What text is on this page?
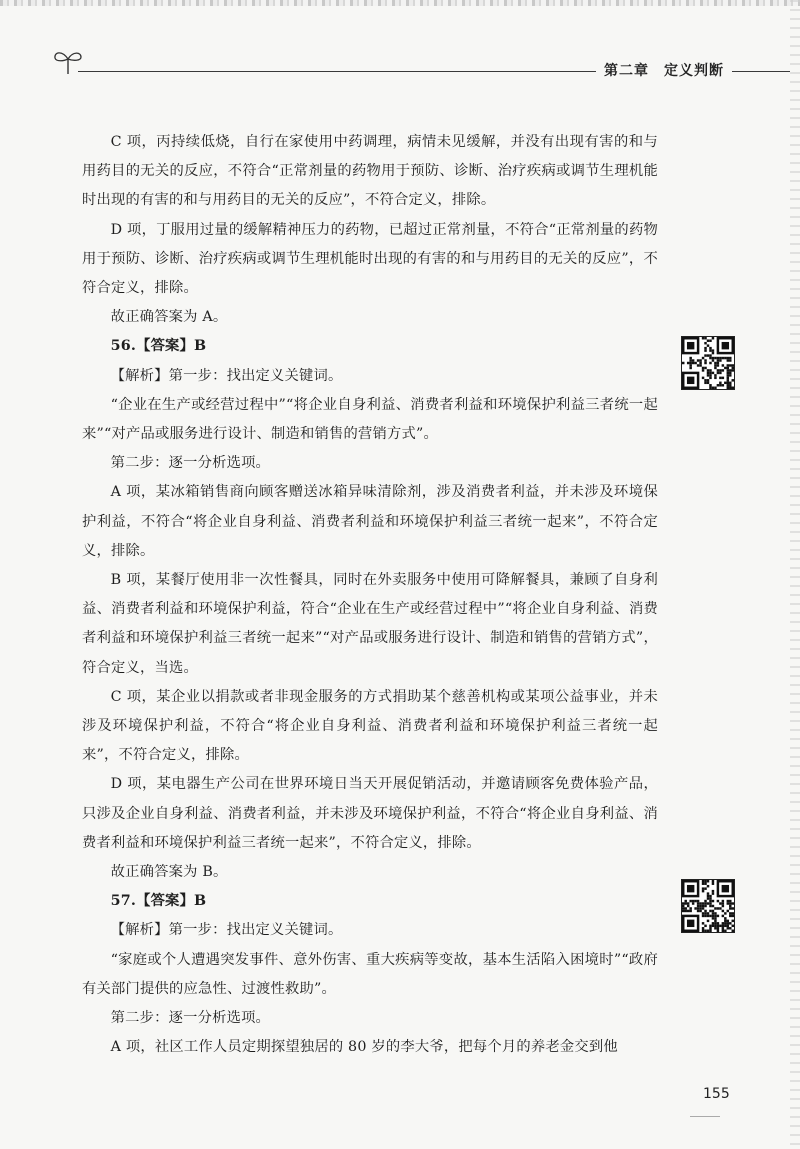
第二章　定义判断

C 项，丙持续低烧，自行在家使用中药调理，病情未见缓解，并没有出现有害的和与用药目的无关的反应，不符合“正常剂量的药物用于预防、诊断、治疗疾病或调节生理机能时出现的有害的和与用药目的无关的反应”，不符合定义，排除。

D 项，丁服用过量的缓解精神压力的药物，已超过正常剂量，不符合“正常剂量的药物用于预防、诊断、治疗疾病或调节生理机能时出现的有害的和与用药目的无关的反应”，不符合定义，排除。

故正确答案为 A。

56.【答案】B

【解析】第一步：找出定义关键词。

“企业在生产或经营过程中”“将企业自身利益、消费者利益和环境保护利益三者统一起来”“对产品或服务进行设计、制造和销售的营销方式”。

第二步：逐一分析选项。

A 项，某冰箱销售商向顾客赠送冰箱异味清除剂，涉及消费者利益，并未涉及环境保护利益，不符合“将企业自身利益、消费者利益和环境保护利益三者统一起来”，不符合定义，排除。

B 项，某餐厅使用非一次性餐具，同时在外卖服务中使用可降解餐具，兼顾了自身利益、消费者利益和环境保护利益，符合“企业在生产或经营过程中”“将企业自身利益、消费者利益和环境保护利益三者统一起来”“对产品或服务进行设计、制造和销售的营销方式”，符合定义，当选。

C 项，某企业以捐款或者非现金服务的方式捐助某个慈善机构或某项公益事业，并未涉及环境保护利益，不符合“将企业自身利益、消费者利益和环境保护利益三者统一起来”，不符合定义，排除。

D 项，某电器生产公司在世界环境日当天开展促销活动，并邀请顾客免费体验产品，只涉及企业自身利益、消费者利益，并未涉及环境保护利益，不符合“将企业自身利益、消费者利益和环境保护利益三者统一起来”，不符合定义，排除。

故正确答案为 B。

57.【答案】B

【解析】第一步：找出定义关键词。

“家庭或个人遭遇突发事件、意外伤害、重大疾病等变故，基本生活陷入困境时”“政府有关部门提供的应急性、过渡性救助”。

第二步：逐一分析选项。

A 项，社区工作人员定期探望独居的 80 岁的李大爷，把每个月的养老金交到他

155
